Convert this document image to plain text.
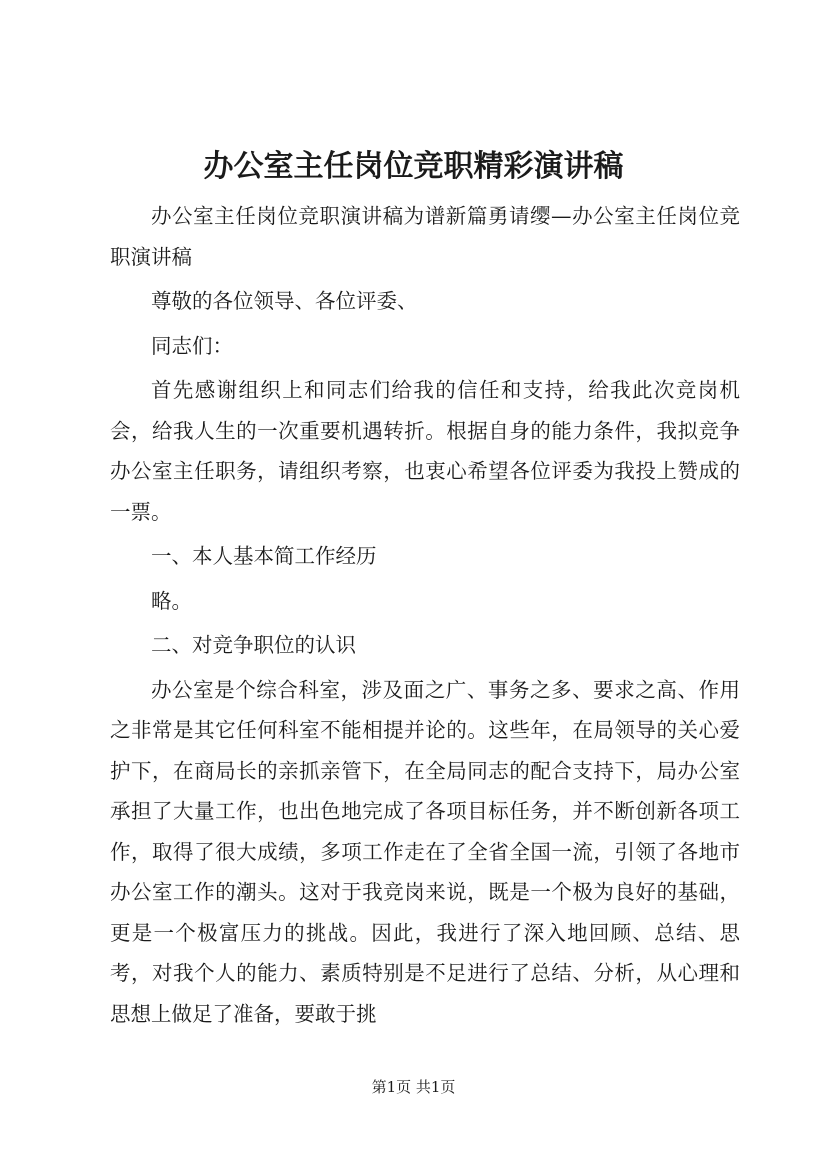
办公室主任岗位竞职精彩演讲稿

办公室主任岗位竞职演讲稿为谱新篇勇请缨—办公室主任岗位竞职演讲稿

尊敬的各位领导、各位评委、

同志们：

首先感谢组织上和同志们给我的信任和支持，给我此次竞岗机会，给我人生的一次重要机遇转折。根据自身的能力条件，我拟竞争办公室主任职务，请组织考察，也衷心希望各位评委为我投上赞成的一票。

一、本人基本简工作经历

略。

二、对竞争职位的认识

办公室是个综合科室，涉及面之广、事务之多、要求之高、作用之非常是其它任何科室不能相提并论的。这些年，在局领导的关心爱护下，在商局长的亲抓亲管下，在全局同志的配合支持下，局办公室承担了大量工作，也出色地完成了各项目标任务，并不断创新各项工作，取得了很大成绩，多项工作走在了全省全国一流，引领了各地市办公室工作的潮头。这对于我竞岗来说，既是一个极为良好的基础，更是一个极富压力的挑战。因此，我进行了深入地回顾、总结、思考，对我个人的能力、素质特别是不足进行了总结、分析，从心理和思想上做足了准备，要敢于挑

第1页 共1页
